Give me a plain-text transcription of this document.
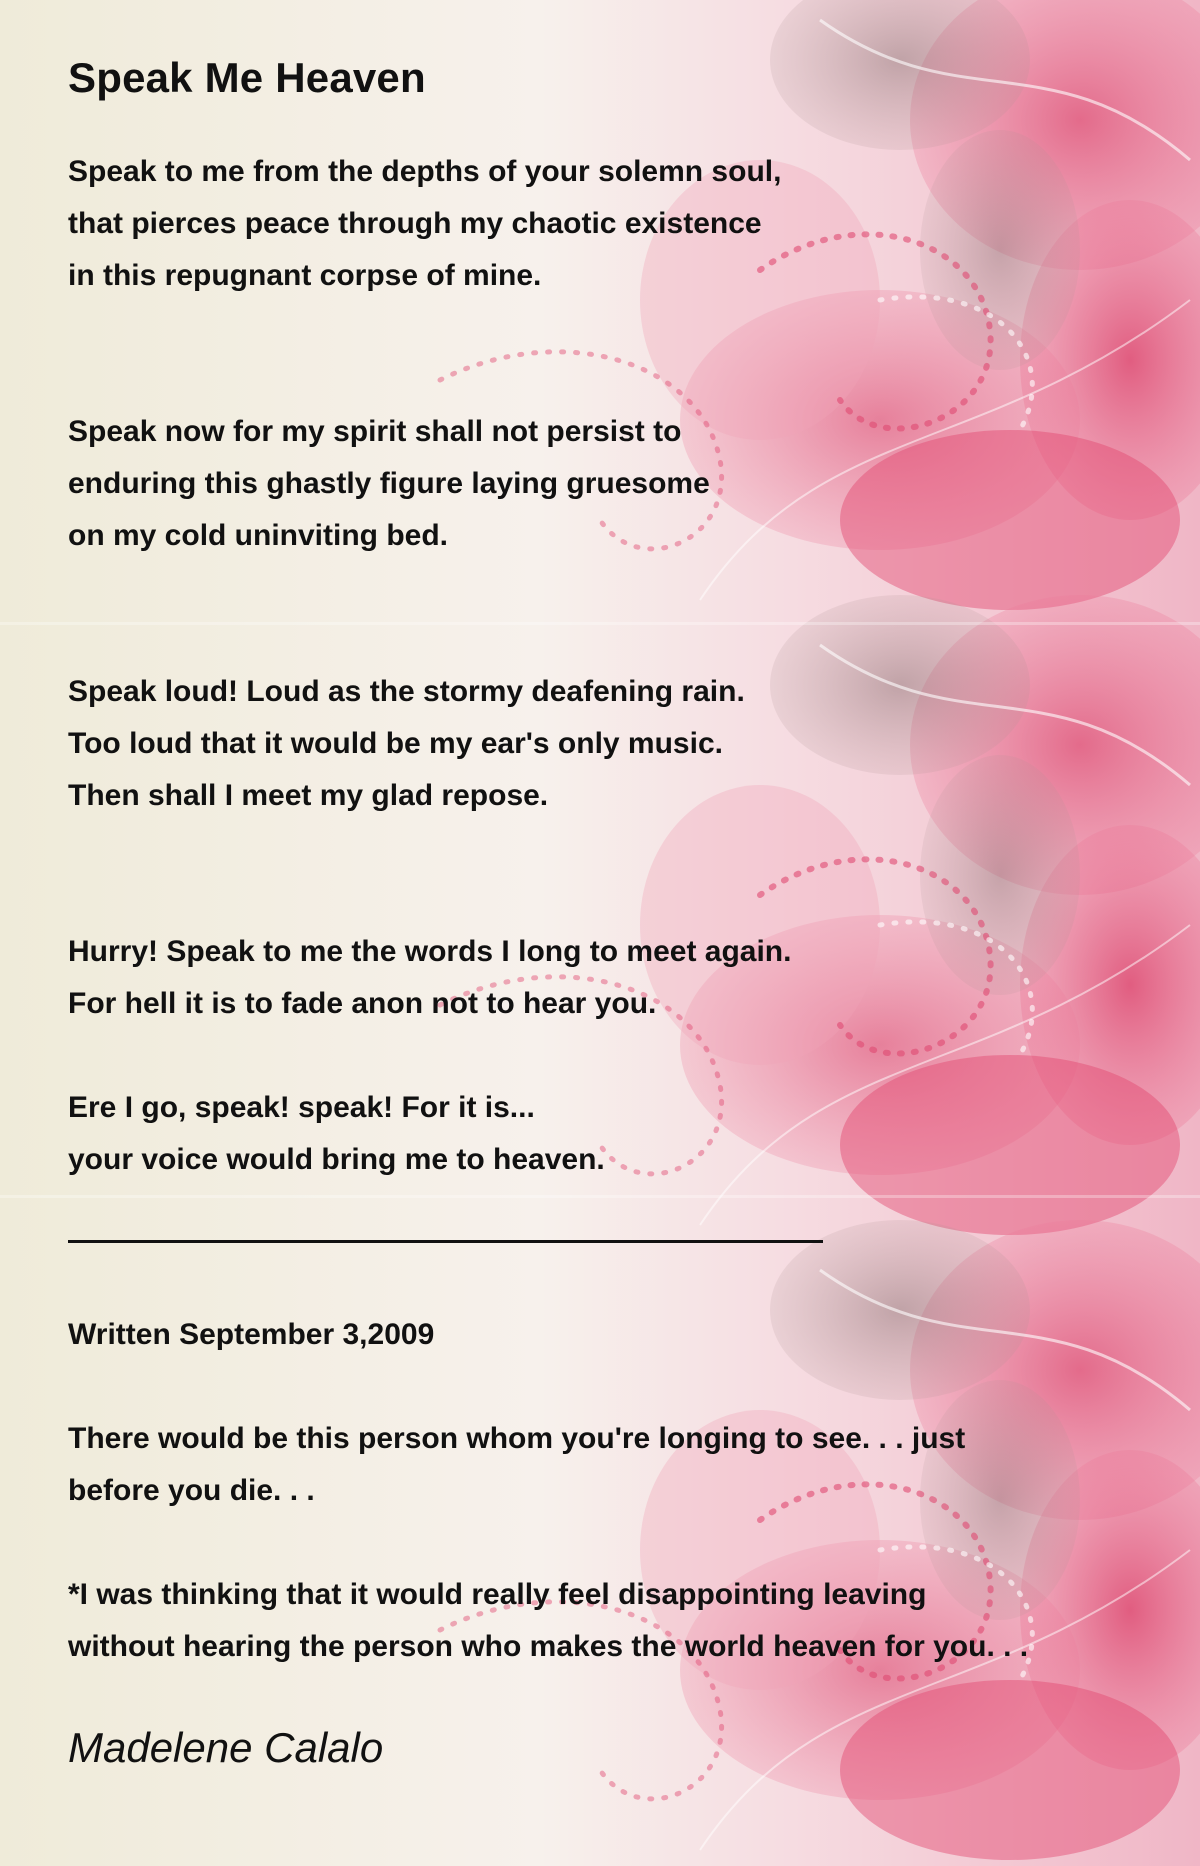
Speak Me Heaven
Speak to me from the depths of your solemn soul,
that pierces peace through my chaotic existence
in this repugnant corpse of mine.
Speak now for my spirit shall not persist to
enduring this ghastly figure laying gruesome
on my cold uninviting bed.
Speak loud! Loud as the stormy deafening rain.
Too loud that it would be my ear's only music.
Then shall I meet my glad repose.
Hurry! Speak to me the words I long to meet again.
For hell it is to fade anon not to hear you.
Ere I go, speak! speak! For it is...
your voice would bring me to heaven.
Written September 3,2009
There would be this person whom you're longing to see. . . just
before you die. . .
*I was thinking that it would really feel disappointing leaving
without hearing the person who makes the world heaven for you. . .
Madelene Calalo
